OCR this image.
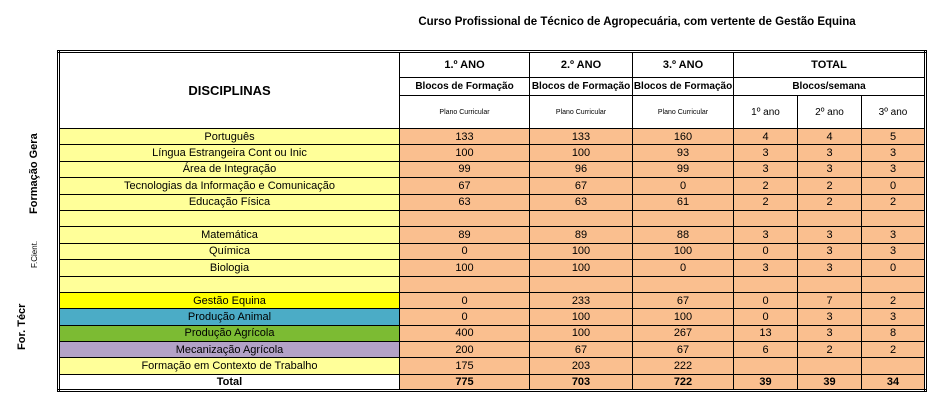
Curso Profissional de Técnico de Agropecuária, com vertente de Gestão Equina
Formação Gera
F.Cient.
For. Técr
DISCIPLINAS	1.º ANO	2.º ANO	3.º ANO	TOTAL		
	Blocos de Formação	Blocos de Formação	Blocos de Formação	Blocos/semana		
	Plano Curricular	Plano Curricular	Plano Curricular	1º ano	2º ano	3º ano
Português	133	133	160	4	4	5
Língua Estrangeira Cont ou Inic	100	100	93	3	3	3
Área de Integração	99	96	99	3	3	3
Tecnologias da Informação e Comunicação	67	67	0	2	2	0
Educação Física	63	63	61	2	2	2

Matemática	89	89	88	3	3	3
Química	0	100	100	0	3	3
Biologia	100	100	0	3	3	0

Gestão Equina	0	233	67	0	7	2
Produção Animal	0	100	100	0	3	3
Produção Agrícola	400	100	267	13	3	8
Mecanização Agrícola	200	67	67	6	2	2
Formação em Contexto de Trabalho	175	203	222			
Total	775	703	722	39	39	34
